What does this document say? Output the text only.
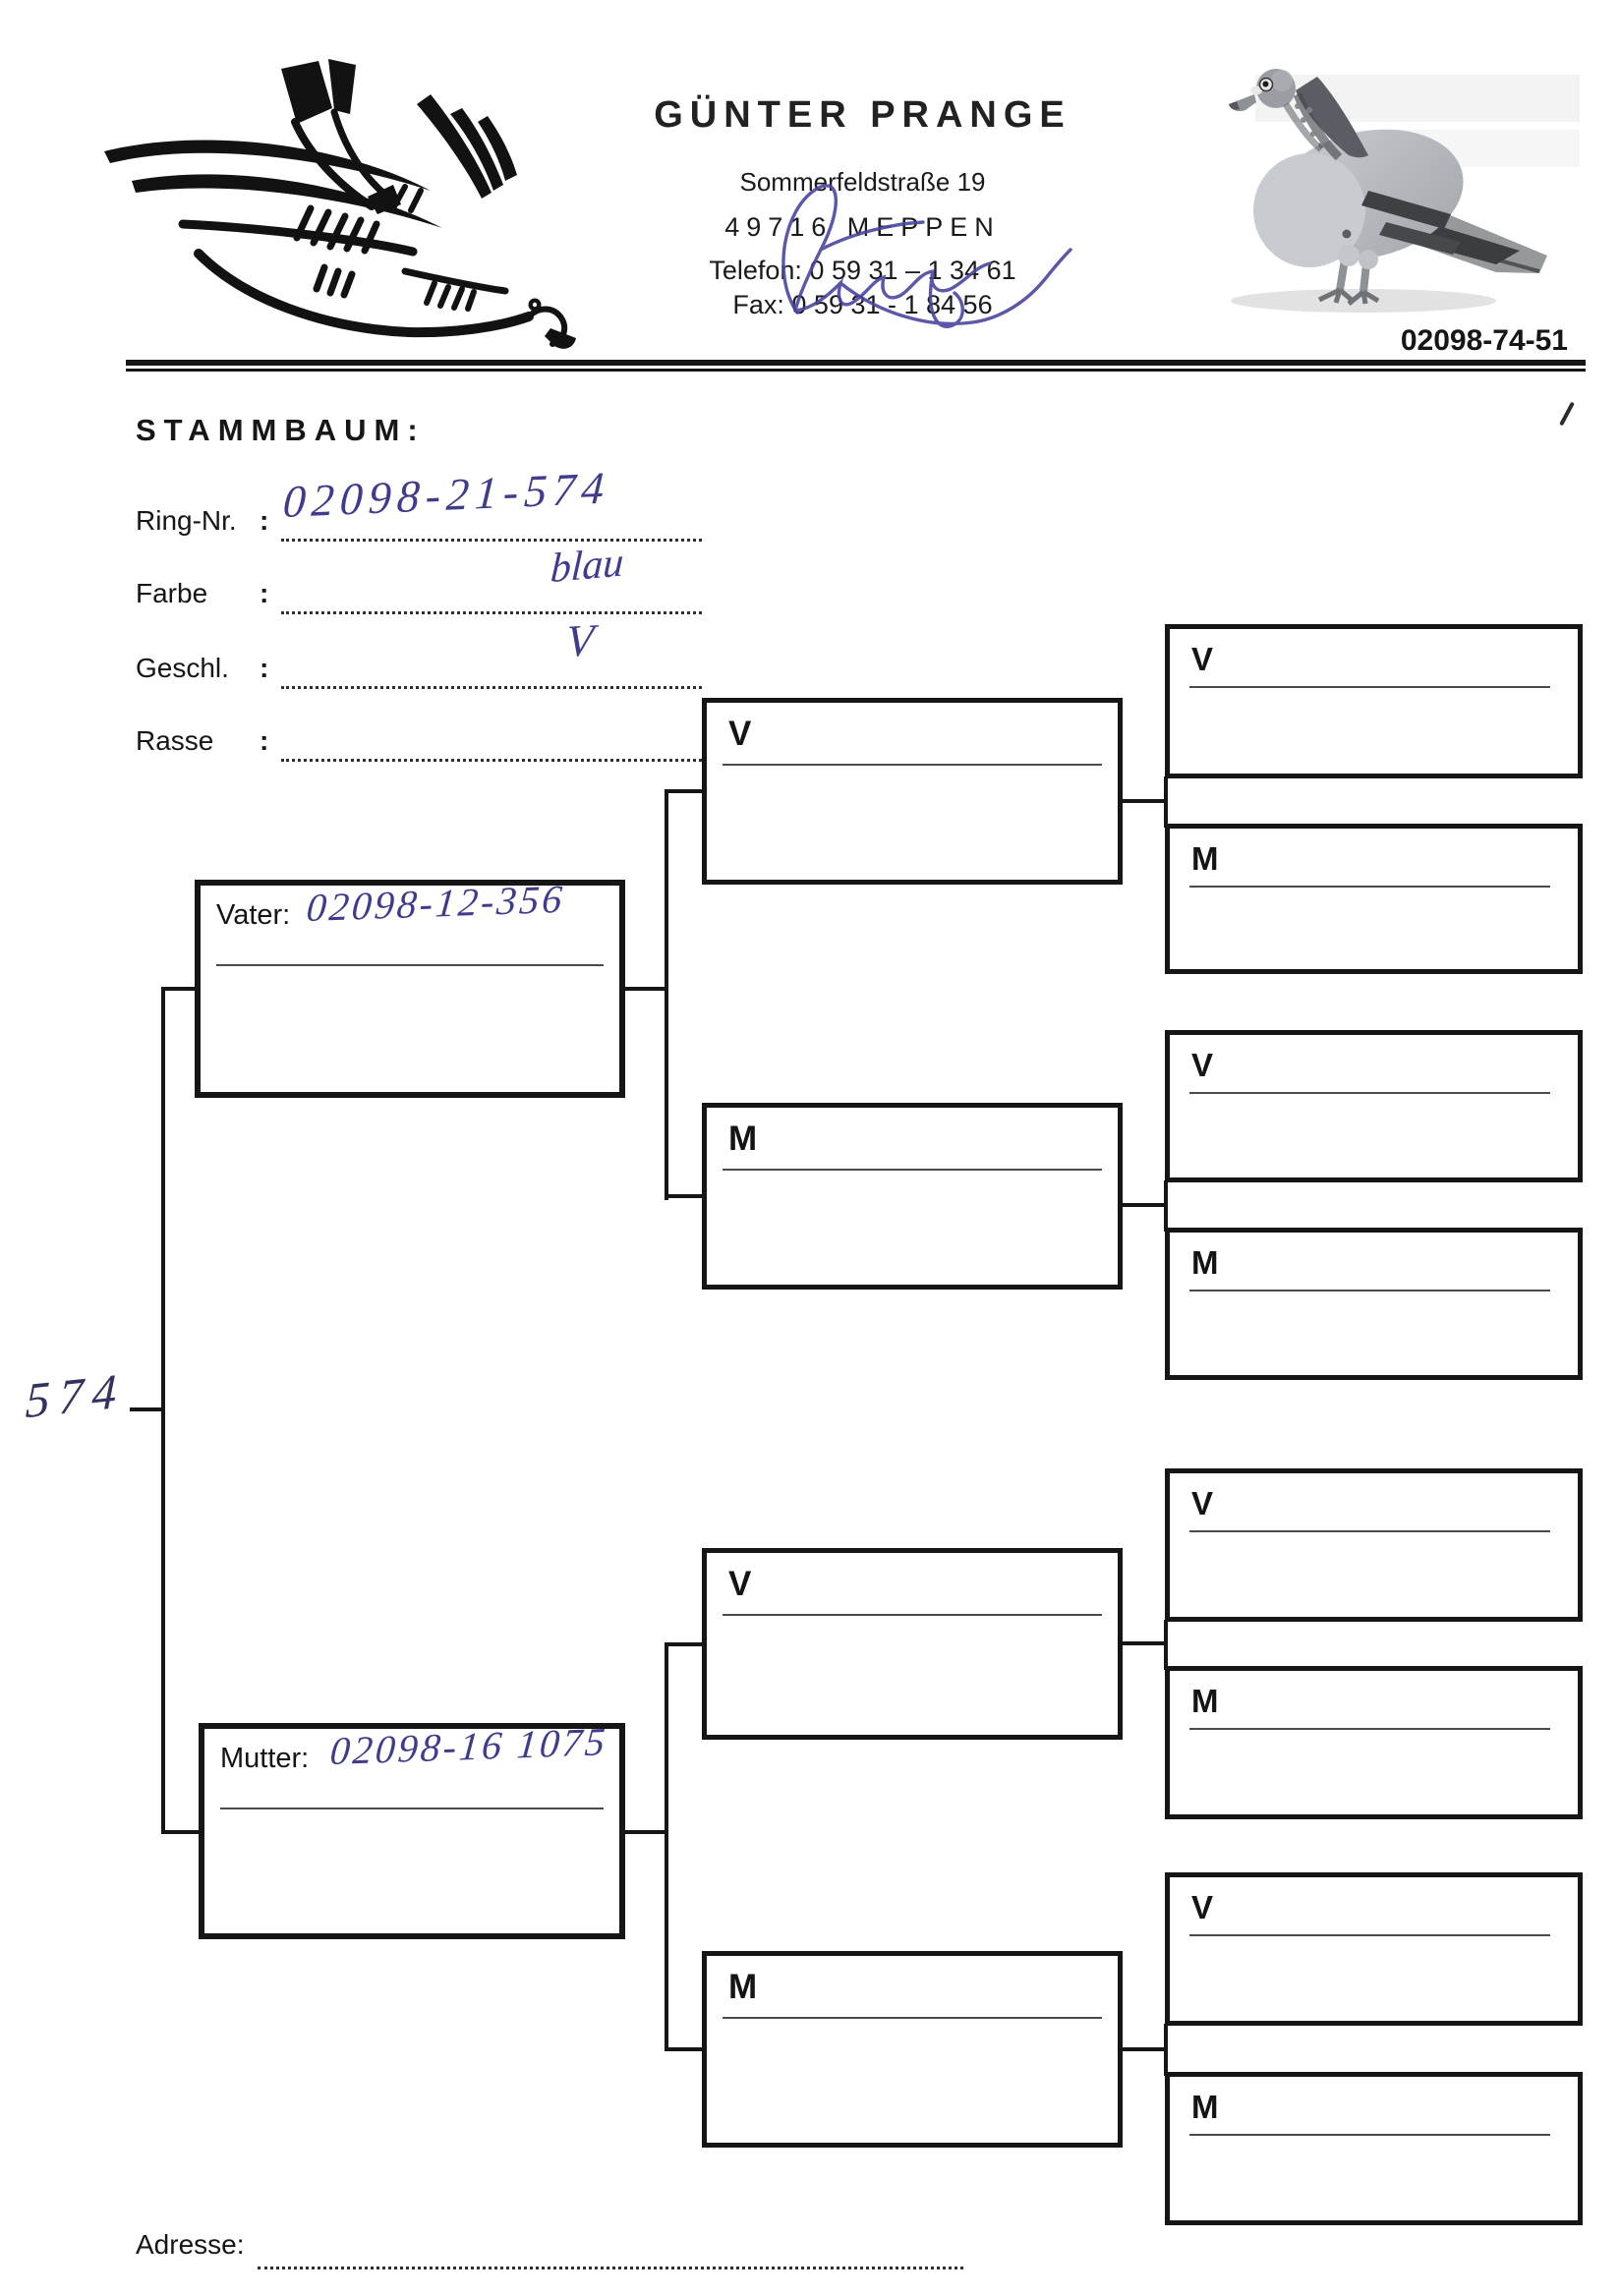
GÜNTER PRANGE
Sommerfeldstraße 19
49716 MEPPEN
Telefon: 0 59 31 – 1 34 61
Fax: 0 59 31 - 1 84 56
02098-74-51
STAMMBAUM:
Ring-Nr. :
Farbe :
Geschl. :
Rasse :
02098-21-574
blau
V
574
Vater: 02098-12-356
Mutter: 02098-16 1075
V
M
V
M
V
M
V
M
V
M
V
M
Adresse:
